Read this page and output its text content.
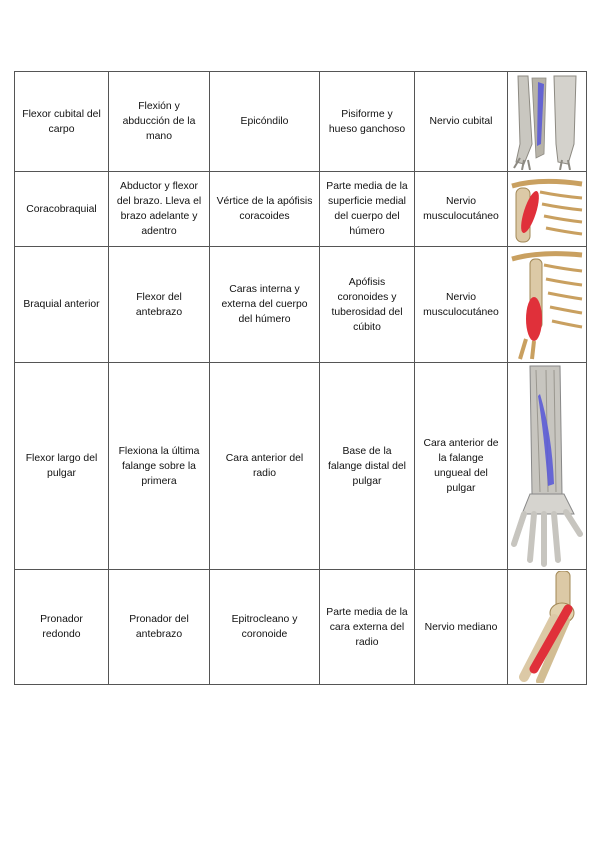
Flexor cubital del carpo	Flexión y abducción de la mano	Epicóndilo	Pisiforme y hueso ganchoso	Nervio cubital	

Coracobraquial	Abductor y flexor del brazo. Lleva el brazo adelante y adentro	Vértice de la apófisis coracoides	Parte media de la superficie medial del cuerpo del húmero	Nervio musculocutáneo	

Braquial anterior	Flexor del antebrazo	Caras interna y externa del cuerpo del húmero	Apófisis coronoides y tuberosidad del cúbito	Nervio musculocutáneo	

Flexor largo del pulgar	Flexiona la última falange sobre la primera	Cara anterior del radio	Base de la falange distal del pulgar	Cara anterior de la falange ungueal del pulgar	

Pronador redondo	Pronador del antebrazo	Epitrocleano y coronoide	Parte media de la cara externa del radio	Nervio mediano	
